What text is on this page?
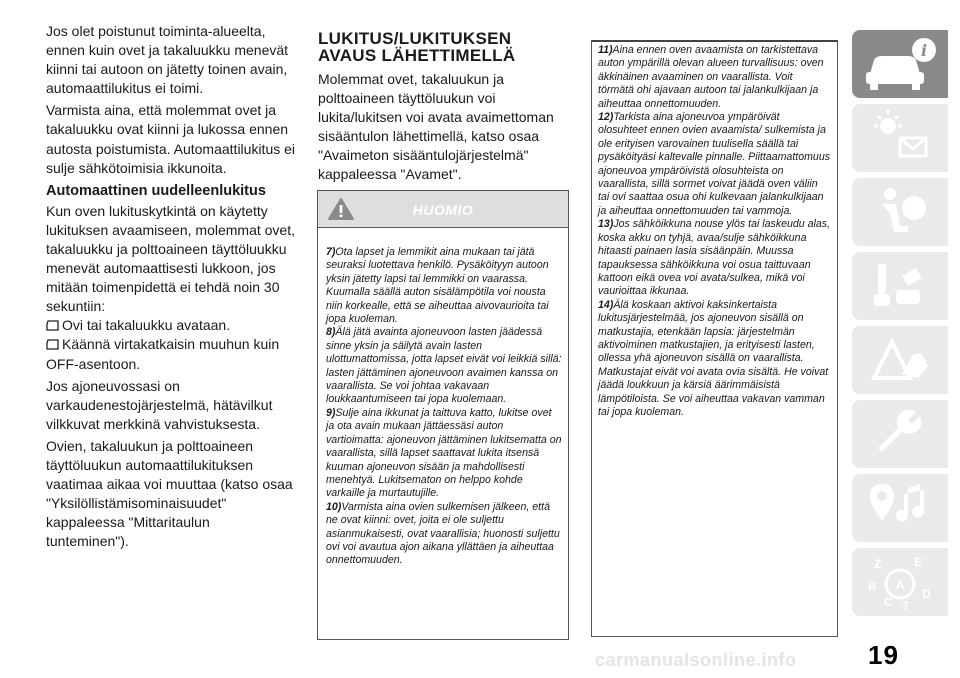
Jos olet poistunut toiminta-alueelta, ennen kuin ovet ja takaluukku menevät kiinni tai autoon on jätetty toinen avain, automaattilukitus ei toimi.

Varmista aina, että molemmat ovet ja takaluukku ovat kiinni ja lukossa ennen autosta poistumista. Automaattilukitus ei sulje sähkötoimisia ikkunoita.

Automaattinen uudelleenlukitus

Kun oven lukituskytkintä on käytetty lukituksen avaamiseen, molemmat ovet, takaluukku ja polttoaineen täyttöluukku menevät automaattisesti lukkoon, jos mitään toimenpidettä ei tehdä noin 30 sekuntiin:
Ovi tai takaluukku avataan.
Käännä virtakatkaisin muuhun kuin OFF-asentoon.

Jos ajoneuvossasi on varkaudenestojärjestelmä, hätävilkut vilkkuvat merkkinä vahvistuksesta.

Ovien, takaluukun ja polttoaineen täyttöluukun automaattilukituksen vaatimaa aikaa voi muuttaa (katso osaa "Yksilöllistämisominaisuudet" kappaleessa "Mittaritaulun tunteminen").

LUKITUS/LUKITUKSEN
AVAUS LÄHETTIMELLÄ

Molemmat ovet, takaluukun ja polttoaineen täyttöluukun voi lukita/lukitsen voi avata avaimettoman sisääntulon lähettimellä, katso osaa "Avaimeton sisääntulojärjestelmä" kappaleessa "Avamet".

HUOMIO

7)Ota lapset ja lemmikit aina mukaan tai jätä seuraksi luotettava henkilö. Pysäköityyn autoon yksin jätetty lapsi tai lemmikki on vaarassa. Kuumalla säällä auton sisälämpötila voi nousta niin korkealle, että se aiheuttaa aivovaurioita tai jopa kuoleman.

8)Älä jätä avainta ajoneuvoon lasten jäädessä sinne yksin ja säilytä avain lasten ulottumattomissa, jotta lapset eivät voi leikkiä sillä: lasten jättäminen ajoneuvoon avaimen kanssa on vaarallista. Se voi johtaa vakavaan loukkaantumiseen tai jopa kuolemaan.

9)Sulje aina ikkunat ja taittuva katto, lukitse ovet ja ota avain mukaan jättäessäsi auton vartioimatta: ajoneuvon jättäminen lukitsematta on vaarallista, sillä lapset saattavat lukita itsensä kuuman ajoneuvon sisään ja mahdollisesti menehtyä. Lukitsematon on helppo kohde varkaille ja murtautujille.

10)Varmista aina ovien sulkemisen jälkeen, että ne ovat kiinni: ovet, joita ei ole suljettu asianmukaisesti, ovat vaarallisia; huonosti suljettu ovi voi avautua ajon aikana yllättäen ja aiheuttaa onnettomuuden.

11)Aina ennen oven avaamista on tarkistettava auton ympärillä olevan alueen turvallisuus: oven äkkinäinen avaaminen on vaarallista. Voit törmätä ohi ajavaan autoon tai jalankulkijaan ja aiheuttaa onnettomuuden.

12)Tarkista aina ajoneuvoa ympäröivät olosuhteet ennen ovien avaamista/ sulkemista ja ole erityisen varovainen tuulisella säällä tai pysäköityäsi kaltevalle pinnalle. Piittaamattomuus ajoneuvoa ympäröivistä olosuhteista on vaarallista, sillä sormet voivat jäädä oven väliin tai ovi saattaa osua ohi kulkevaan jalankulkijaan ja aiheuttaa onnettomuuden tai vammoja.

13)Jos sähköikkuna nouse ylös tai laskeudu alas, koska akku on tyhjä, avaa/sulje sähköikkuna hitaasti painaen lasia sisäänpäin. Muussa tapauksessa sähköikkuna voi osua taittuvaan kattoon eikä ovea voi avata/sulkea, mikä voi vaurioittaa ikkunaa.

14)Älä koskaan aktivoi kaksinkertaista lukitusjärjestelmää, jos ajoneuvon sisällä on matkustajia, etenkään lapsia: järjestelmän aktivoiminen matkustajien, ja erityisesti lasten, ollessa yhä ajoneuvon sisällä on vaarallista. Matkustajat eivät voi avata ovia sisältä. He voivat jäädä loukkuun ja kärsiä äärimmäisistä lämpötiloista. Se voi aiheuttaa vakavan vamman tai jopa kuoleman.

i
Z	E
B
C
A
T
D
19
carmanualsonline.info
